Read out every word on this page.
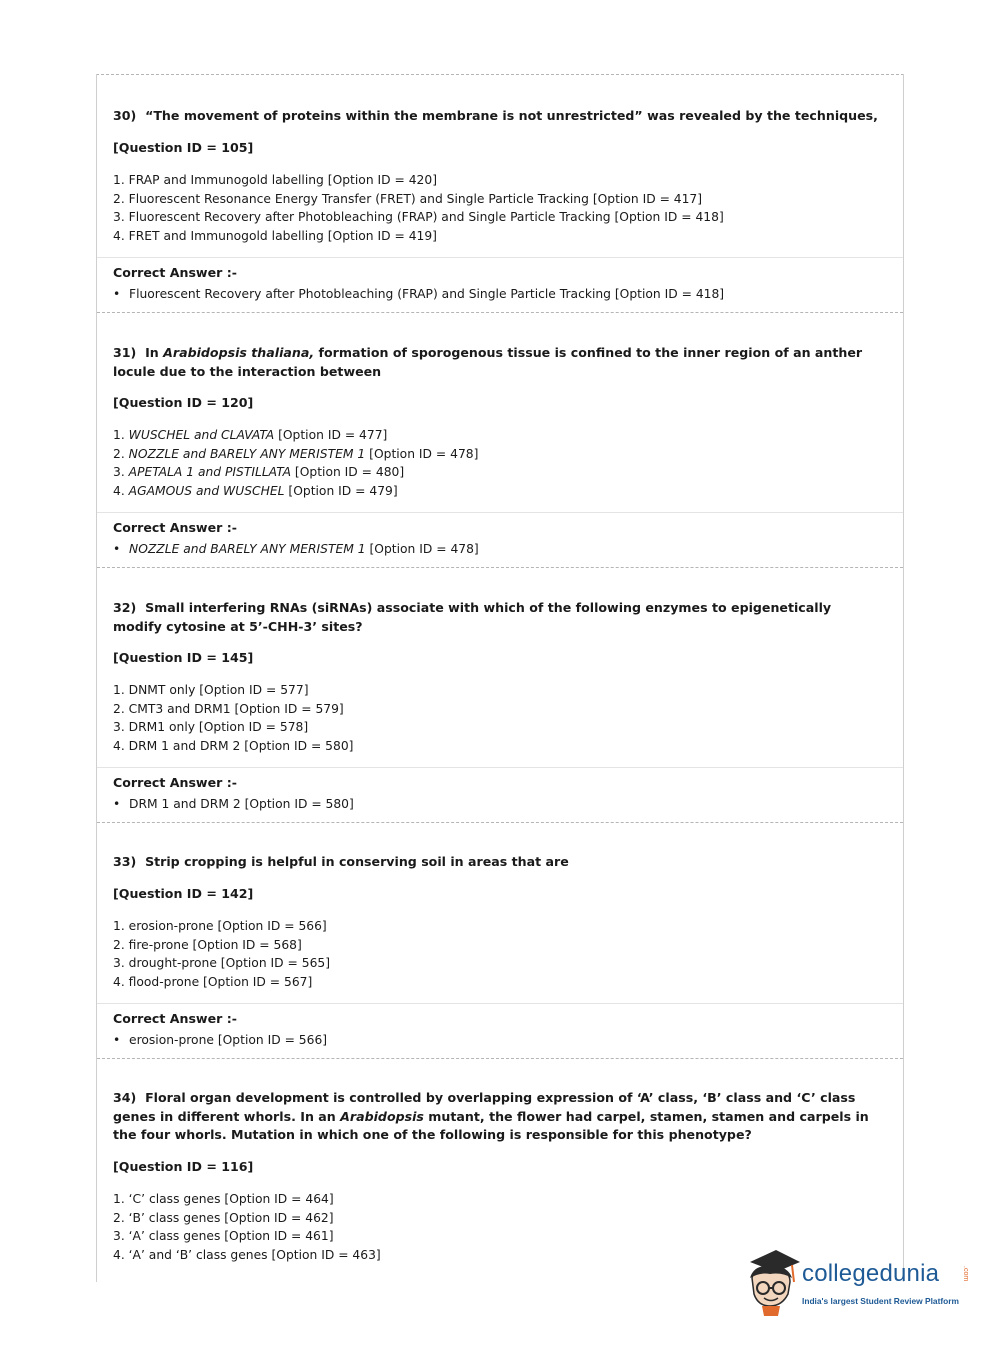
30) “The movement of proteins within the membrane is not unrestricted” was revealed by the techniques,
[Question ID = 105]
1. FRAP and Immunogold labelling [Option ID = 420]
2. Fluorescent Resonance Energy Transfer (FRET) and Single Particle Tracking [Option ID = 417]
3. Fluorescent Recovery after Photobleaching (FRAP) and Single Particle Tracking [Option ID = 418]
4. FRET and Immunogold labelling [Option ID = 419]
Correct Answer :-
• Fluorescent Recovery after Photobleaching (FRAP) and Single Particle Tracking [Option ID = 418]
31) In Arabidopsis thaliana, formation of sporogenous tissue is confined to the inner region of an anther locule due to the interaction between
[Question ID = 120]
1. WUSCHEL and CLAVATA [Option ID = 477]
2. NOZZLE and BARELY ANY MERISTEM 1 [Option ID = 478]
3. APETALA 1 and PISTILLATA [Option ID = 480]
4. AGAMOUS and WUSCHEL [Option ID = 479]
Correct Answer :-
• NOZZLE and BARELY ANY MERISTEM 1 [Option ID = 478]
32) Small interfering RNAs (siRNAs) associate with which of the following enzymes to epigenetically modify cytosine at 5’-CHH-3’ sites?
[Question ID = 145]
1. DNMT only [Option ID = 577]
2. CMT3 and DRM1 [Option ID = 579]
3. DRM1 only [Option ID = 578]
4. DRM 1 and DRM 2 [Option ID = 580]
Correct Answer :-
• DRM 1 and DRM 2 [Option ID = 580]
33) Strip cropping is helpful in conserving soil in areas that are
[Question ID = 142]
1. erosion-prone [Option ID = 566]
2. fire-prone [Option ID = 568]
3. drought-prone [Option ID = 565]
4. flood-prone [Option ID = 567]
Correct Answer :-
• erosion-prone [Option ID = 566]
34) Floral organ development is controlled by overlapping expression of ‘A’ class, ‘B’ class and ‘C’ class genes in different whorls. In an Arabidopsis mutant, the flower had carpel, stamen, stamen and carpels in the four whorls. Mutation in which one of the following is responsible for this phenotype?
[Question ID = 116]
1. ‘C’ class genes [Option ID = 464]
2. ‘B’ class genes [Option ID = 462]
3. ‘A’ class genes [Option ID = 461]
4. ‘A’ and ‘B’ class genes [Option ID = 463]
collegedunia	.com
India's largest Student Review Platform
